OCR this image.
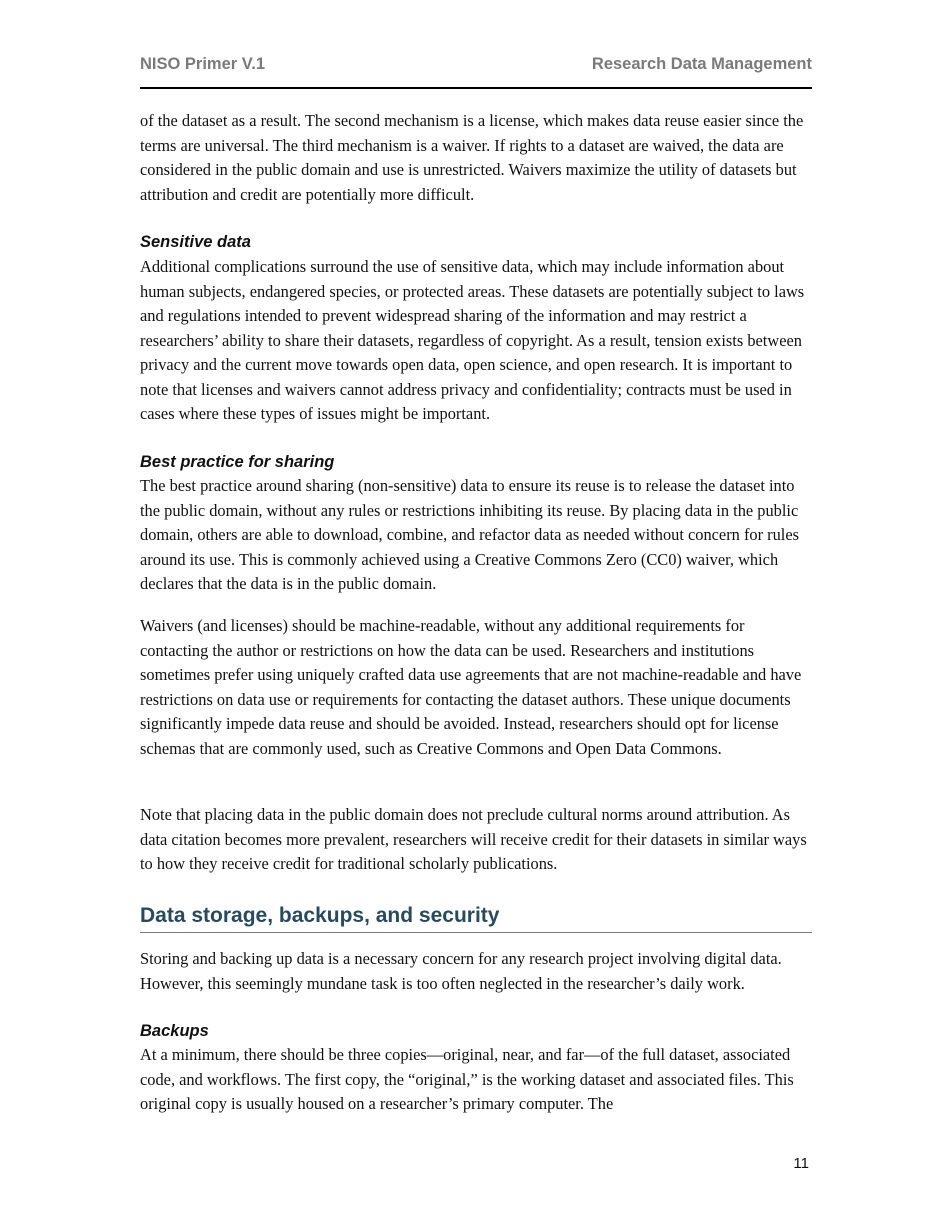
NISO Primer V.1	Research Data Management

of the dataset as a result. The second mechanism is a license, which makes data reuse easier since the terms are universal. The third mechanism is a waiver. If rights to a dataset are waived, the data are considered in the public domain and use is unrestricted. Waivers maximize the utility of datasets but attribution and credit are potentially more difficult.

Sensitive data

Additional complications surround the use of sensitive data, which may include information about human subjects, endangered species, or protected areas. These datasets are potentially subject to laws and regulations intended to prevent widespread sharing of the information and may restrict a researchers’ ability to share their datasets, regardless of copyright. As a result, tension exists between privacy and the current move towards open data, open science, and open research. It is important to note that licenses and waivers cannot address privacy and confidentiality; contracts must be used in cases where these types of issues might be important.

Best practice for sharing

The best practice around sharing (non-sensitive) data to ensure its reuse is to release the dataset into the public domain, without any rules or restrictions inhibiting its reuse. By placing data in the public domain, others are able to download, combine, and refactor data as needed without concern for rules around its use. This is commonly achieved using a Creative Commons Zero (CC0) waiver, which declares that the data is in the public domain.

Waivers (and licenses) should be machine-readable, without any additional requirements for contacting the author or restrictions on how the data can be used. Researchers and institutions sometimes prefer using uniquely crafted data use agreements that are not machine-readable and have restrictions on data use or requirements for contacting the dataset authors. These unique documents significantly impede data reuse and should be avoided. Instead, researchers should opt for license schemas that are commonly used, such as Creative Commons and Open Data Commons.

Note that placing data in the public domain does not preclude cultural norms around attribution. As data citation becomes more prevalent, researchers will receive credit for their datasets in similar ways to how they receive credit for traditional scholarly publications.

Data storage, backups, and security

Storing and backing up data is a necessary concern for any research project involving digital data. However, this seemingly mundane task is too often neglected in the researcher’s daily work.

Backups

At a minimum, there should be three copies—original, near, and far—of the full dataset, associated code, and workflows. The first copy, the “original,” is the working dataset and associated files. This original copy is usually housed on a researcher’s primary computer. The

11
